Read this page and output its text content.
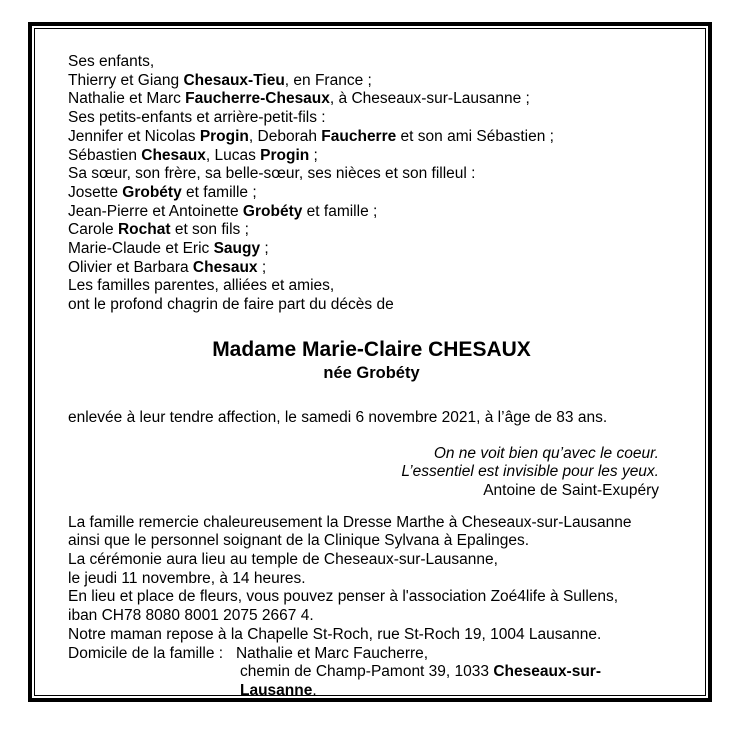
Ses enfants,
Thierry et Giang Chesaux-Tieu, en France ;
Nathalie et Marc Faucherre-Chesaux, à Cheseaux-sur-Lausanne ;
Ses petits-enfants et arrière-petit-fils :
Jennifer et Nicolas Progin, Deborah Faucherre et son ami Sébastien ;
Sébastien Chesaux, Lucas Progin ;
Sa sœur, son frère, sa belle-sœur, ses nièces et son filleul :
Josette Grobéty et famille ;
Jean-Pierre et Antoinette Grobéty et famille ;
Carole Rochat et son fils ;
Marie-Claude et Eric Saugy ;
Olivier et Barbara Chesaux ;
Les familles parentes, alliées et amies,
ont le profond chagrin de faire part du décès de
Madame Marie-Claire CHESAUX
née Grobéty
enlevée à leur tendre affection, le samedi 6 novembre 2021, à l’âge de 83 ans.
On ne voit bien qu’avec le coeur.
L’essentiel est invisible pour les yeux.
Antoine de Saint-Exupéry
La famille remercie chaleureusement la Dresse Marthe à Cheseaux-sur-Lausanne
ainsi que le personnel soignant de la Clinique Sylvana à Epalinges.
La cérémonie aura lieu au temple de Cheseaux-sur-Lausanne,
le jeudi 11 novembre, à 14 heures.
En lieu et place de fleurs, vous pouvez penser à l'association Zoé4life à Sullens,
iban CH78 8080 8001 2075 2667 4.
Notre maman repose à la Chapelle St-Roch, rue St-Roch 19, 1004 Lausanne.
Domicile de la famille :   Nathalie et Marc Faucherre,
chemin de Champ-Pamont 39, 1033 Cheseaux-sur-Lausanne.
